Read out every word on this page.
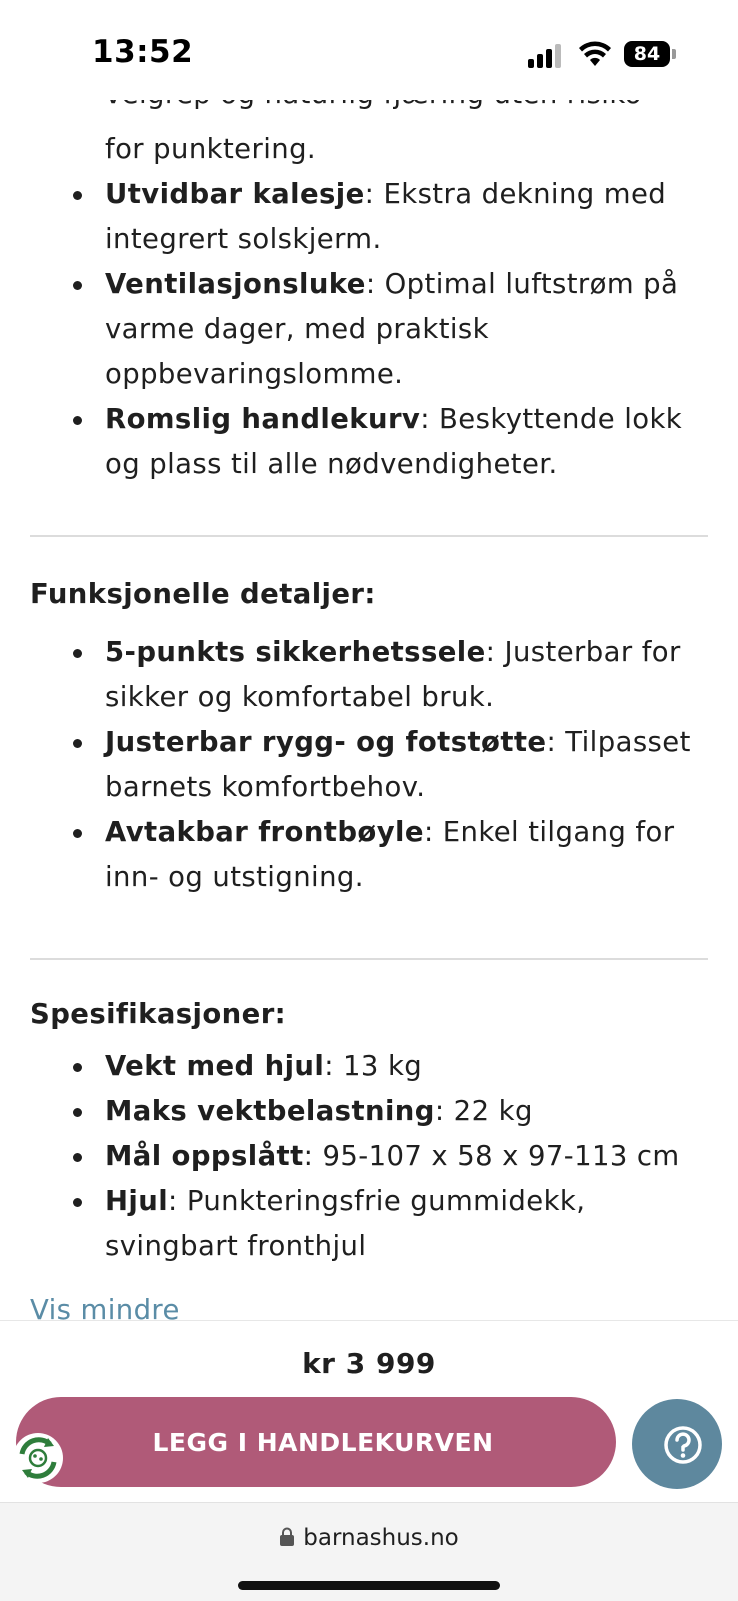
13:52	84
for punktering.
Utvidbar kalesje: Ekstra dekning med integrert solskjerm.
Ventilasjonsluke: Optimal luftstrøm på varme dager, med praktisk oppbevaringslomme.
Romslig handlekurv: Beskyttende lokk og plass til alle nødvendigheter.
Funksjonelle detaljer:
5-punkts sikkerhetssele: Justerbar for sikker og komfortabel bruk.
Justerbar rygg- og fotstøtte: Tilpasset barnets komfortbehov.
Avtakbar frontbøyle: Enkel tilgang for inn- og utstigning.
Spesifikasjoner:
Vekt med hjul: 13 kg
Maks vektbelastning: 22 kg
Mål oppslått: 95-107 x 58 x 97-113 cm
Hjul: Punkteringsfrie gummidekk, svingbart fronthjul
Vis mindre
kr 3 999
LEGG I HANDLEKURVEN
barnashus.no
